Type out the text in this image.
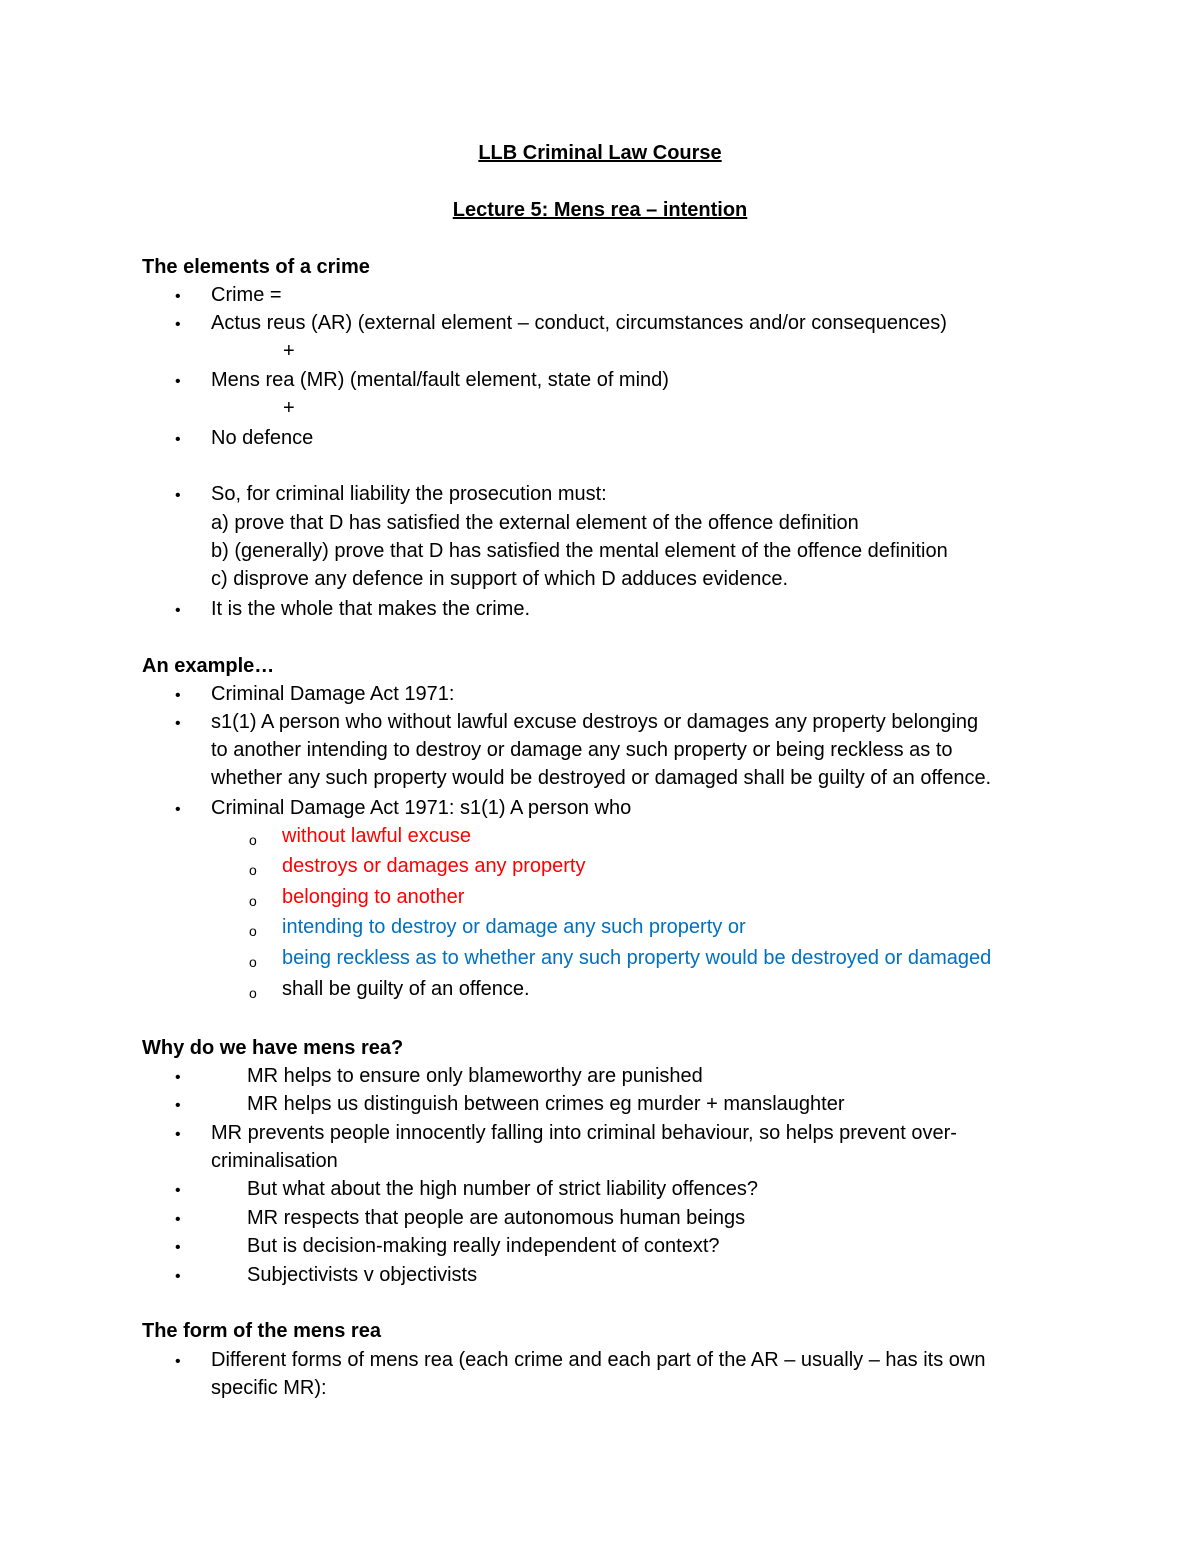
LLB Criminal Law Course
Lecture 5: Mens rea – intention
The elements of a crime
• Crime =
• Actus reus (AR) (external element – conduct, circumstances and/or consequences)
+
• Mens rea (MR) (mental/fault element, state of mind)
+
• No defence
• So, for criminal liability the prosecution must:
a) prove that D has satisfied the external element of the offence definition
b) (generally) prove that D has satisfied the mental element of the offence definition
c) disprove any defence in support of which D adduces evidence.
• It is the whole that makes the crime.
An example…
• Criminal Damage Act 1971:
• s1(1) A person who without lawful excuse destroys or damages any property belonging
to another intending to destroy or damage any such property or being reckless as to
whether any such property would be destroyed or damaged shall be guilty of an offence.
• Criminal Damage Act 1971: s1(1) A person who
o without lawful excuse
o destroys or damages any property
o belonging to another
o intending to destroy or damage any such property or
o being reckless as to whether any such property would be destroyed or damaged
o shall be guilty of an offence.
Why do we have mens rea?
•	MR helps to ensure only blameworthy are punished
•	MR helps us distinguish between crimes eg murder + manslaughter
• MR prevents people innocently falling into criminal behaviour, so helps prevent over-
criminalisation
•	But what about the high number of strict liability offences?
•	MR respects that people are autonomous human beings
•	But is decision-making really independent of context?
•	Subjectivists v objectivists
The form of the mens rea
• Different forms of mens rea (each crime and each part of the AR – usually – has its own
specific MR):
